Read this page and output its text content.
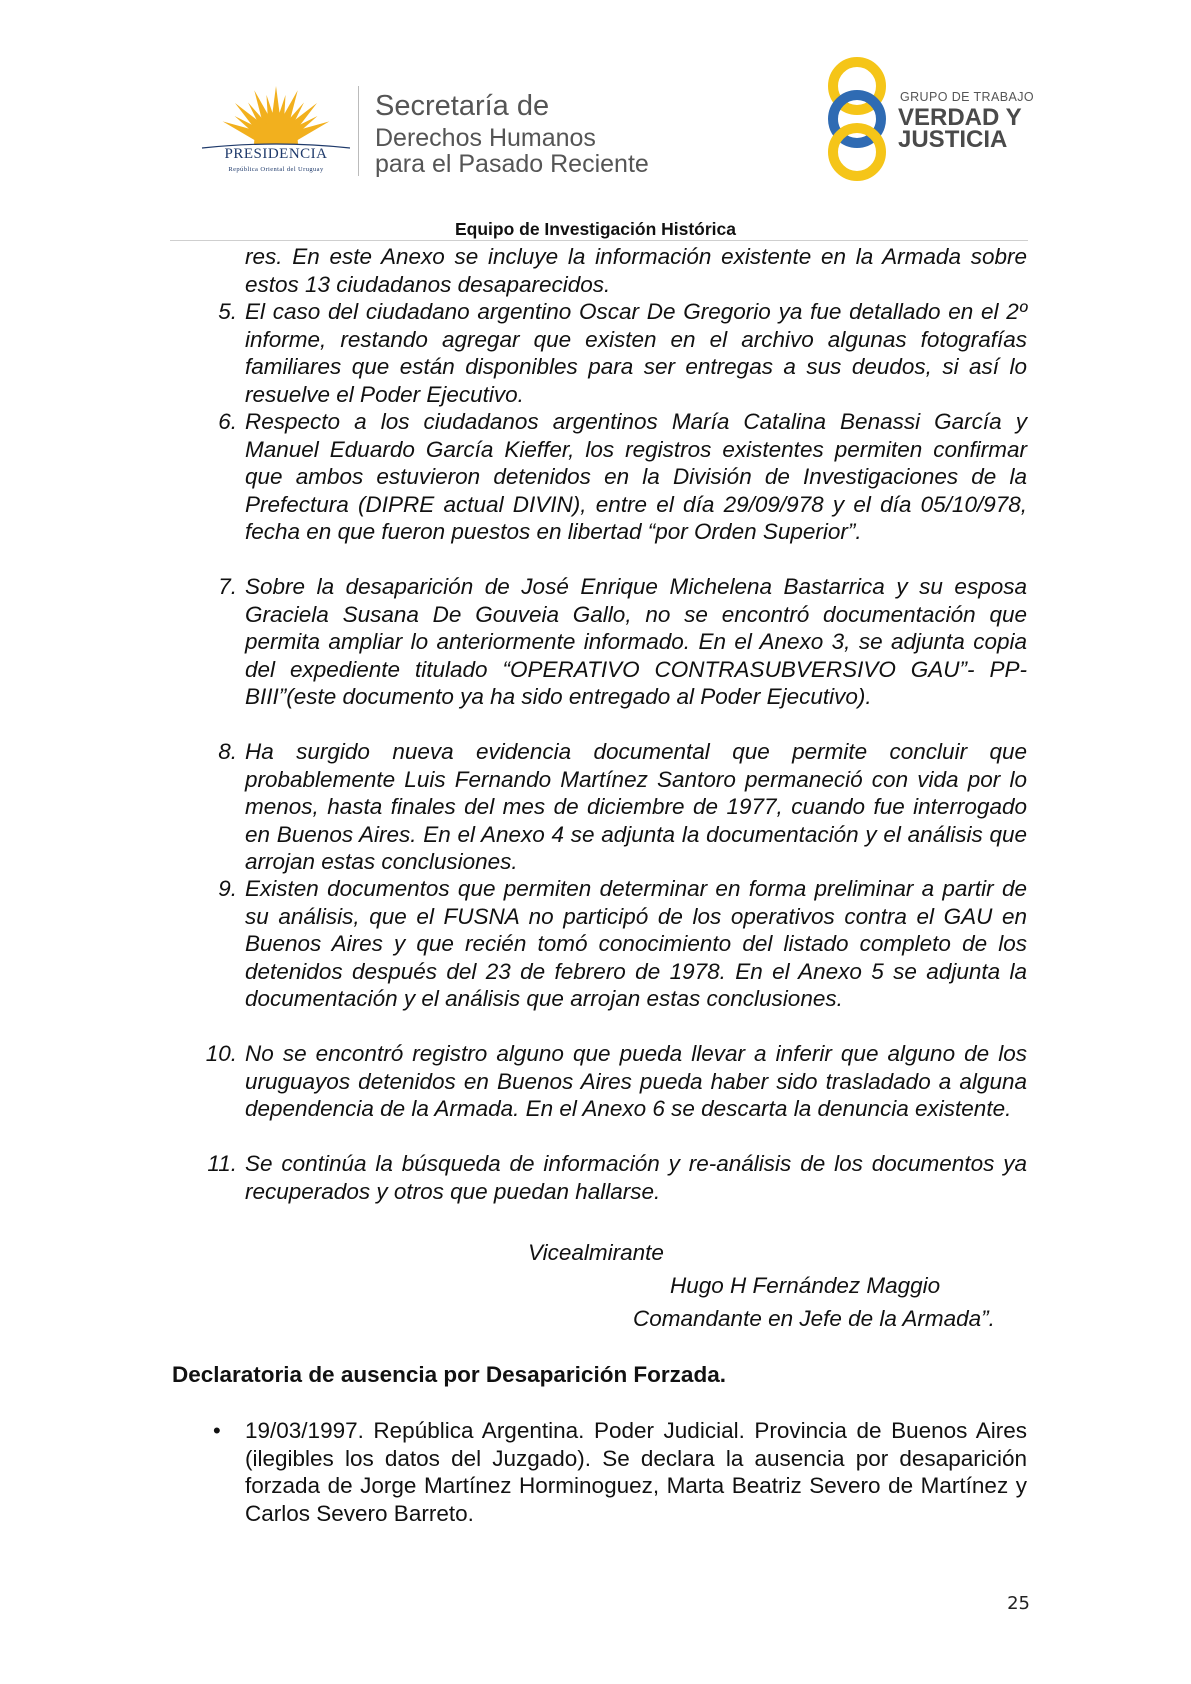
PRESIDENCIA
República Oriental del Uruguay
Secretaría de
Derechos Humanos
para el Pasado Reciente
GRUPO DE TRABAJO
VERDAD Y
JUSTICIA
Equipo de Investigación Histórica
res. En este Anexo se incluye la información existente en la Armada sobre estos 13 ciudadanos desaparecidos.
5. El caso del ciudadano argentino Oscar De Gregorio ya fue detallado en el 2º informe, restando agregar que existen en el archivo algunas fotografías familiares que están disponibles para ser entregas a sus deudos, si así lo resuelve el Poder Ejecutivo.
6. Respecto a los ciudadanos argentinos María Catalina Benassi García y Manuel Eduardo García Kieffer, los registros existentes permiten confirmar que ambos estuvieron detenidos en la División de Investigaciones de la Prefectura (DIPRE actual DIVIN), entre el día 29/09/978 y el día 05/10/978, fecha en que fueron puestos en libertad “por Orden Superior”.
7. Sobre la desaparición de José Enrique Michelena Bastarrica y su esposa Graciela Susana De Gouveia Gallo, no se encontró documentación que permita ampliar lo anteriormente informado. En el Anexo 3, se adjunta copia del expediente titulado “OPERATIVO CONTRASUBVERSIVO GAU”- PP-BIII”(este documento ya ha sido entregado al Poder Ejecutivo).
8. Ha surgido nueva evidencia documental que permite concluir que probablemente Luis Fernando Martínez Santoro permaneció con vida por lo menos, hasta finales del mes de diciembre de 1977, cuando fue interrogado en Buenos Aires. En el Anexo 4 se adjunta la documentación y el análisis que arrojan estas conclusiones.
9. Existen documentos que permiten determinar en forma preliminar a partir de su análisis, que el FUSNA no participó de los operativos contra el GAU en Buenos Aires y que recién tomó conocimiento del listado completo de los detenidos después del 23 de febrero de 1978. En el Anexo 5 se adjunta la documentación y el análisis que arrojan estas conclusiones.
10. No se encontró registro alguno que pueda llevar a inferir que alguno de los uruguayos detenidos en Buenos Aires pueda haber sido trasladado a alguna dependencia de la Armada. En el Anexo 6 se descarta la denuncia existente.
11. Se continúa la búsqueda de información y re-análisis de los documentos ya recuperados y otros que puedan hallarse.
Vicealmirante
Hugo H Fernández Maggio
Comandante en Jefe de la Armada”.
Declaratoria de ausencia por Desaparición Forzada.
• 19/03/1997. República Argentina. Poder Judicial. Provincia de Buenos Aires (ilegibles los datos del Juzgado). Se declara la ausencia por desaparición forzada de Jorge Martínez Horminoguez, Marta Beatriz Severo de Martínez y Carlos Severo Barreto.
25
